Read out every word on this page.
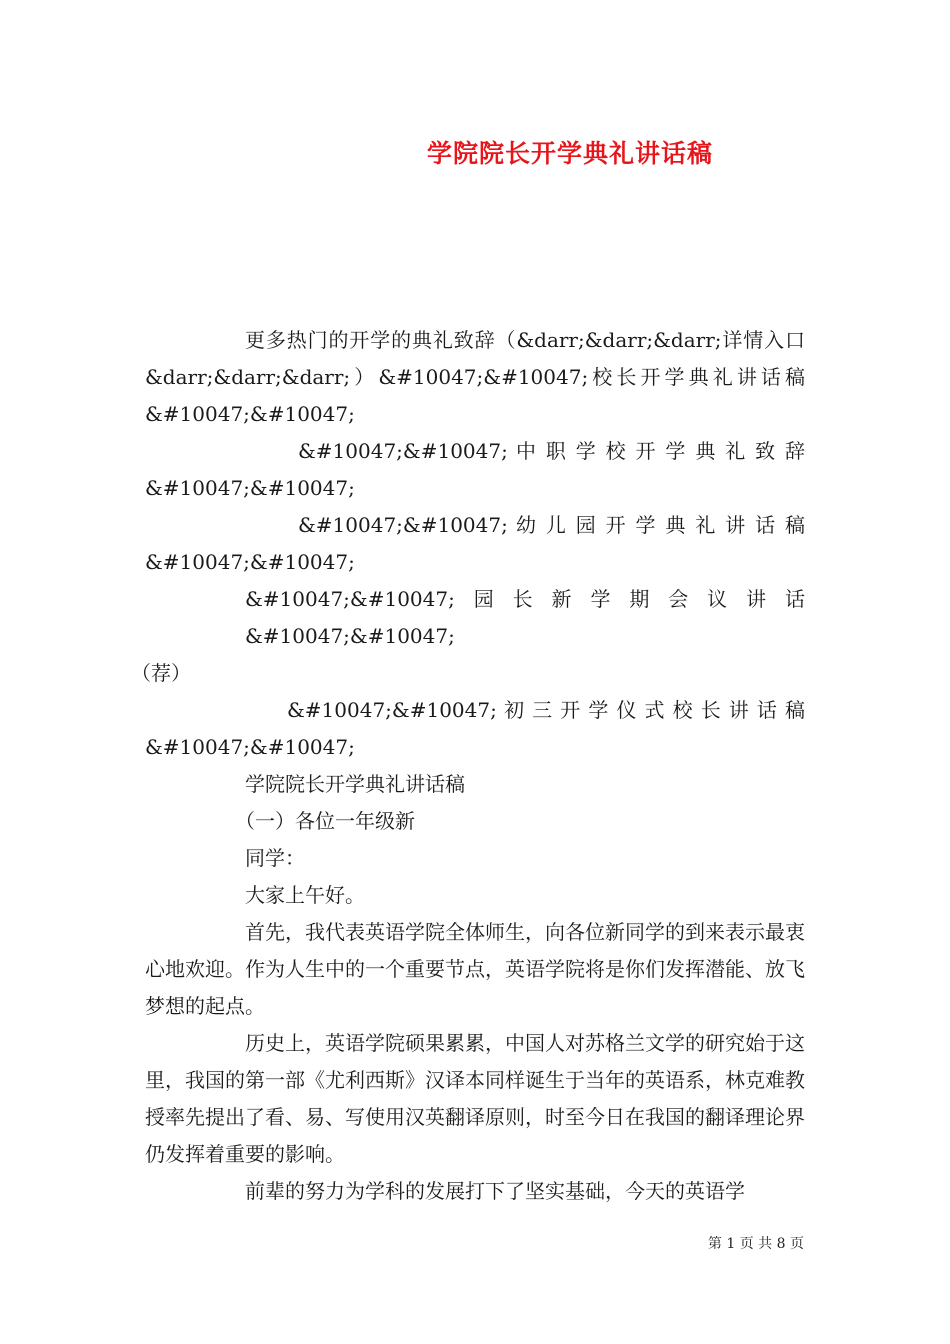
学院院长开学典礼讲话稿

更多热门的开学的典礼致辞（&darr;&darr;&darr;详情入口&darr;&darr;&darr;）&#10047;&#10047;校长开学典礼讲话稿&#10047;&#10047;

&#10047;&#10047; 中 职 学 校 开 学 典 礼 致 辞
&#10047;&#10047;

&#10047;&#10047; 幼 儿 园 开 学 典 礼 讲 话 稿
&#10047;&#10047;

&#10047;&#10047;园长新学期会议讲话&#10047;&#10047;
（荐）

&#10047;&#10047; 初 三 开 学 仪 式 校 长 讲 话 稿
&#10047;&#10047;

学院院长开学典礼讲话稿

（一）各位一年级新

同学：

大家上午好。

首先，我代表英语学院全体师生，向各位新同学的到来表示最衷心地欢迎。作为人生中的一个重要节点，英语学院将是你们发挥潜能、放飞梦想的起点。

历史上，英语学院硕果累累，中国人对苏格兰文学的研究始于这里，我国的第一部《尤利西斯》汉译本同样诞生于当年的英语系，林克难教授率先提出了看、易、写使用汉英翻译原则，时至今日在我国的翻译理论界仍发挥着重要的影响。

前辈的努力为学科的发展打下了坚实基础，今天的英语学

第 1 页 共 8 页
